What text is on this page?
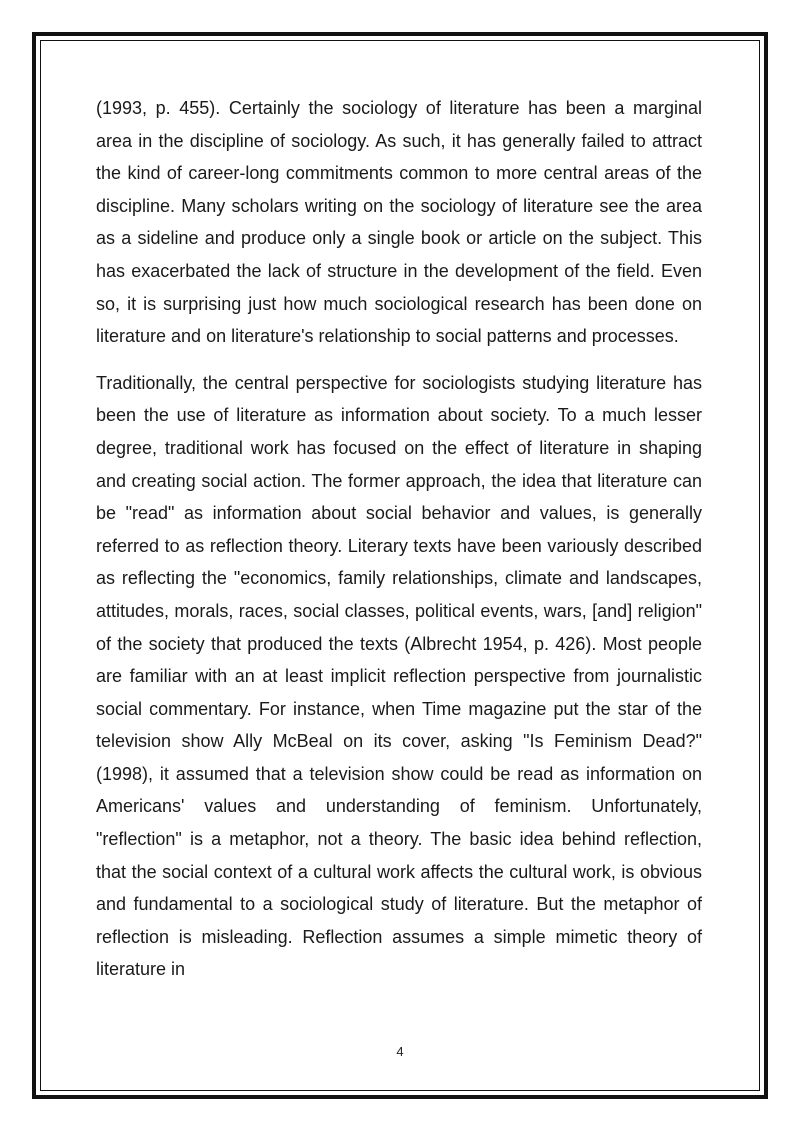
(1993, p. 455). Certainly the sociology of literature has been a marginal area in the discipline of sociology. As such, it has generally failed to attract the kind of career-long commitments common to more central areas of the discipline. Many scholars writing on the sociology of literature see the area as a sideline and produce only a single book or article on the subject. This has exacerbated the lack of structure in the development of the field. Even so, it is surprising just how much sociological research has been done on literature and on literature's relationship to social patterns and processes.

Traditionally, the central perspective for sociologists studying literature has been the use of literature as information about society. To a much lesser degree, traditional work has focused on the effect of literature in shaping and creating social action. The former approach, the idea that literature can be "read" as information about social behavior and values, is generally referred to as reflection theory. Literary texts have been variously described as reflecting the "economics, family relationships, climate and landscapes, attitudes, morals, races, social classes, political events, wars, [and] religion" of the society that produced the texts (Albrecht 1954, p. 426). Most people are familiar with an at least implicit reflection perspective from journalistic social commentary. For instance, when Time magazine put the star of the television show Ally McBeal on its cover, asking "Is Feminism Dead?" (1998), it assumed that a television show could be read as information on Americans' values and understanding of feminism. Unfortunately, "reflection" is a metaphor, not a theory. The basic idea behind reflection, that the social context of a cultural work affects the cultural work, is obvious and fundamental to a sociological study of literature. But the metaphor of reflection is misleading. Reflection assumes a simple mimetic theory of literature in

4
